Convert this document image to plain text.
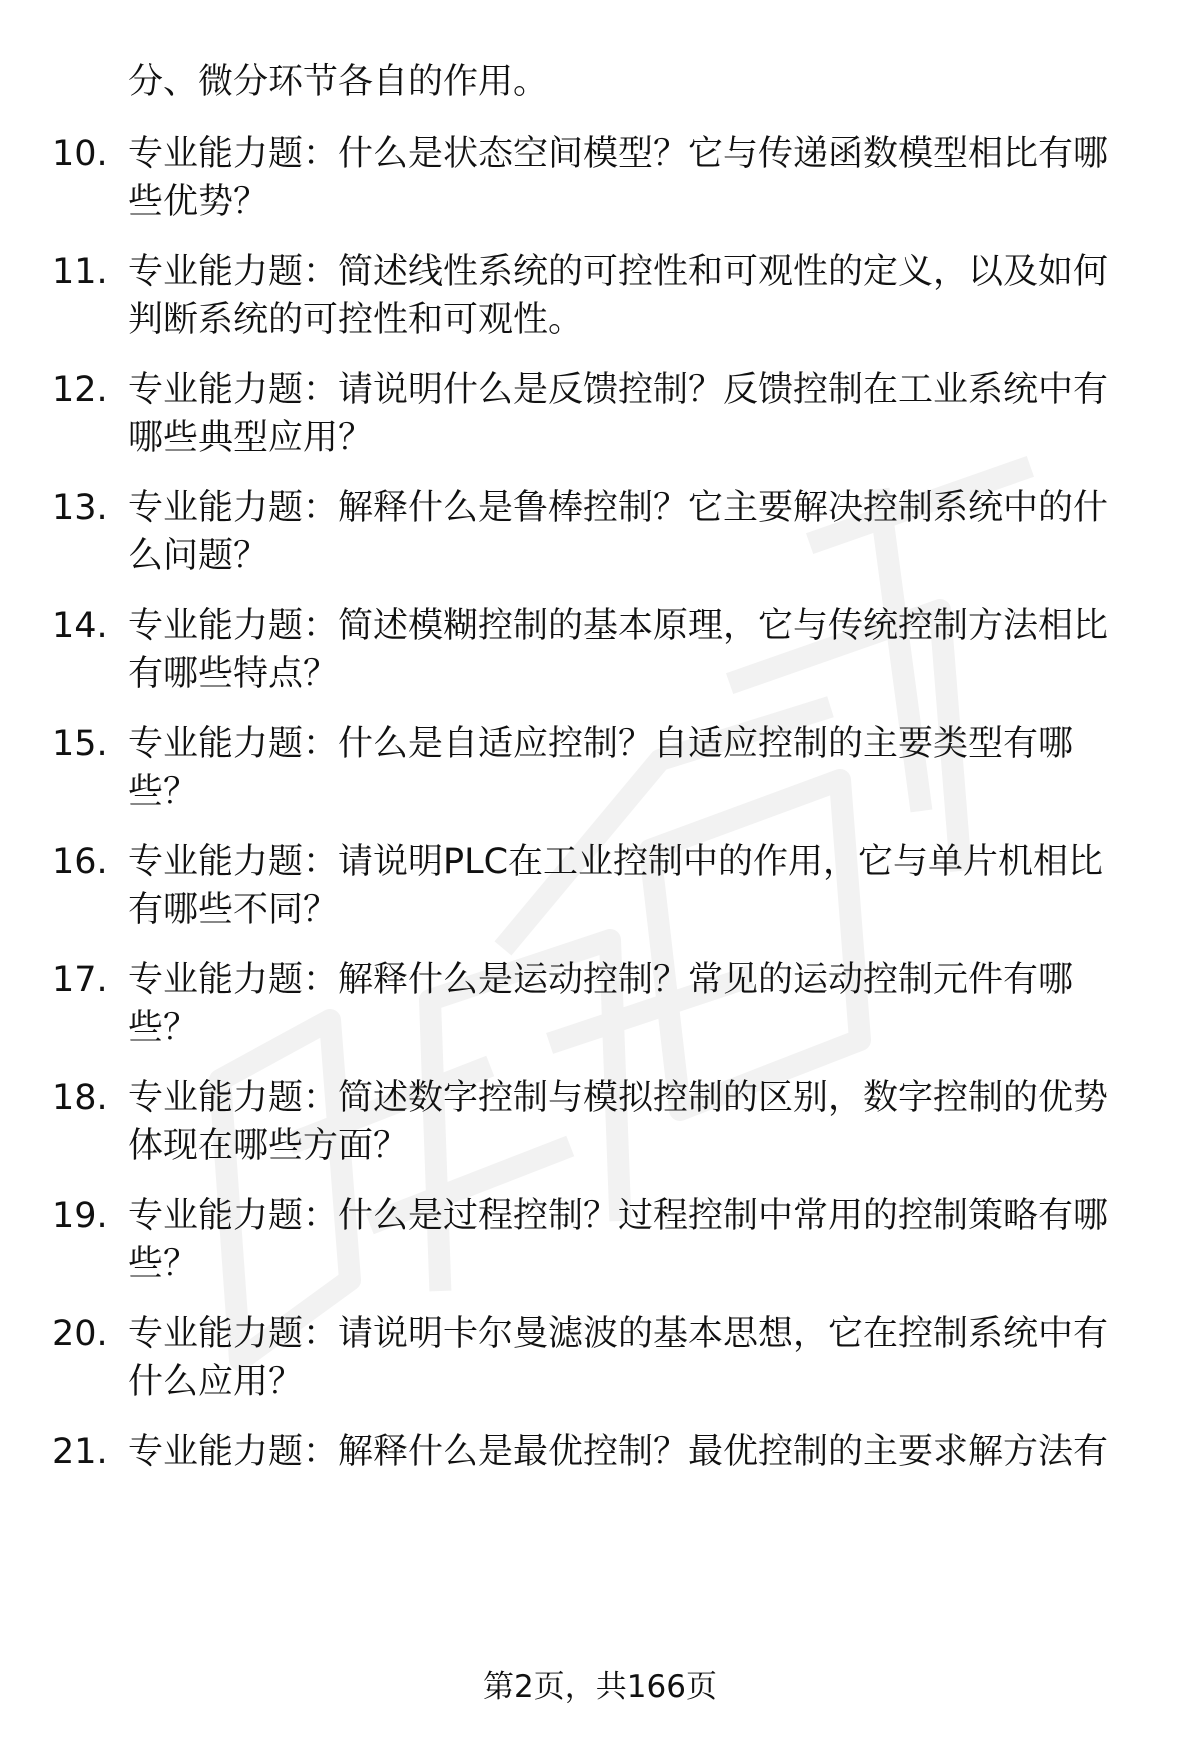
分、微分环节各自的作用。
10. 专业能力题：什么是状态空间模型？它与传递函数模型相比有哪
些优势？
11. 专业能力题：简述线性系统的可控性和可观性的定义，以及如何
判断系统的可控性和可观性。
12. 专业能力题：请说明什么是反馈控制？反馈控制在工业系统中有
哪些典型应用？
13. 专业能力题：解释什么是鲁棒控制？它主要解决控制系统中的什
么问题？
14. 专业能力题：简述模糊控制的基本原理，它与传统控制方法相比
有哪些特点？
15. 专业能力题：什么是自适应控制？自适应控制的主要类型有哪
些？
16. 专业能力题：请说明PLC在工业控制中的作用，它与单片机相比
有哪些不同？
17. 专业能力题：解释什么是运动控制？常见的运动控制元件有哪
些？
18. 专业能力题：简述数字控制与模拟控制的区别，数字控制的优势
体现在哪些方面？
19. 专业能力题：什么是过程控制？过程控制中常用的控制策略有哪
些？
20. 专业能力题：请说明卡尔曼滤波的基本思想，它在控制系统中有
什么应用？
21. 专业能力题：解释什么是最优控制？最优控制的主要求解方法有
第2页，共166页
